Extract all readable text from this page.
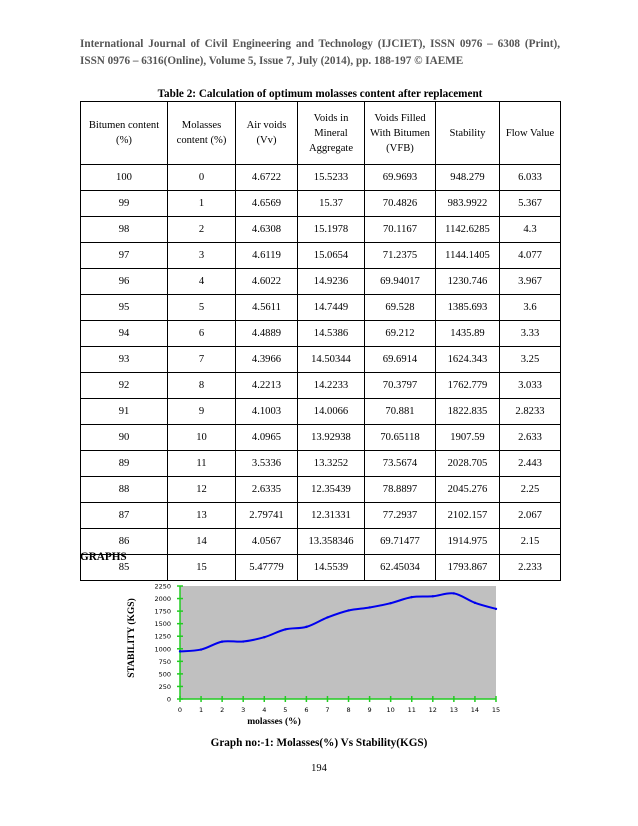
International Journal of Civil Engineering and Technology (IJCIET), ISSN 0976 – 6308 (Print), ISSN 0976 – 6316(Online), Volume 5, Issue 7, July (2014), pp. 188-197 © IAEME
Table 2: Calculation of optimum molasses content after replacement
Bitumen content (%)	Molasses content (%)	Air voids (Vv)	Voids in Mineral Aggregate	Voids Filled With Bitumen (VFB)	Stability	Flow Value
100	0	4.6722	15.5233	69.9693	948.279	6.033
99	1	4.6569	15.37	70.4826	983.9922	5.367
98	2	4.6308	15.1978	70.1167	1142.6285	4.3
97	3	4.6119	15.0654	71.2375	1144.1405	4.077
96	4	4.6022	14.9236	69.94017	1230.746	3.967
95	5	4.5611	14.7449	69.528	1385.693	3.6
94	6	4.4889	14.5386	69.212	1435.89	3.33
93	7	4.3966	14.50344	69.6914	1624.343	3.25
92	8	4.2213	14.2233	70.3797	1762.779	3.033
91	9	4.1003	14.0066	70.881	1822.835	2.8233
90	10	4.0965	13.92938	70.65118	1907.59	2.633
89	11	3.5336	13.3252	73.5674	2028.705	2.443
88	12	2.6335	12.35439	78.8897	2045.276	2.25
87	13	2.79741	12.31331	77.2937	2102.157	2.067
86	14	4.0567	13.358346	69.71477	1914.975	2.15
85	15	5.47779	14.5539	62.45034	1793.867	2.233
GRAPHS
0
250
500
750
1000
1250
1500
1750
2000
2250
0	1	2	3	4	5	6	7	8	9 10 11 12 13 14 15
molasses (%)
STABILITY (KGS)
Graph no:-1: Molasses(%) Vs Stability(KGS)
194
